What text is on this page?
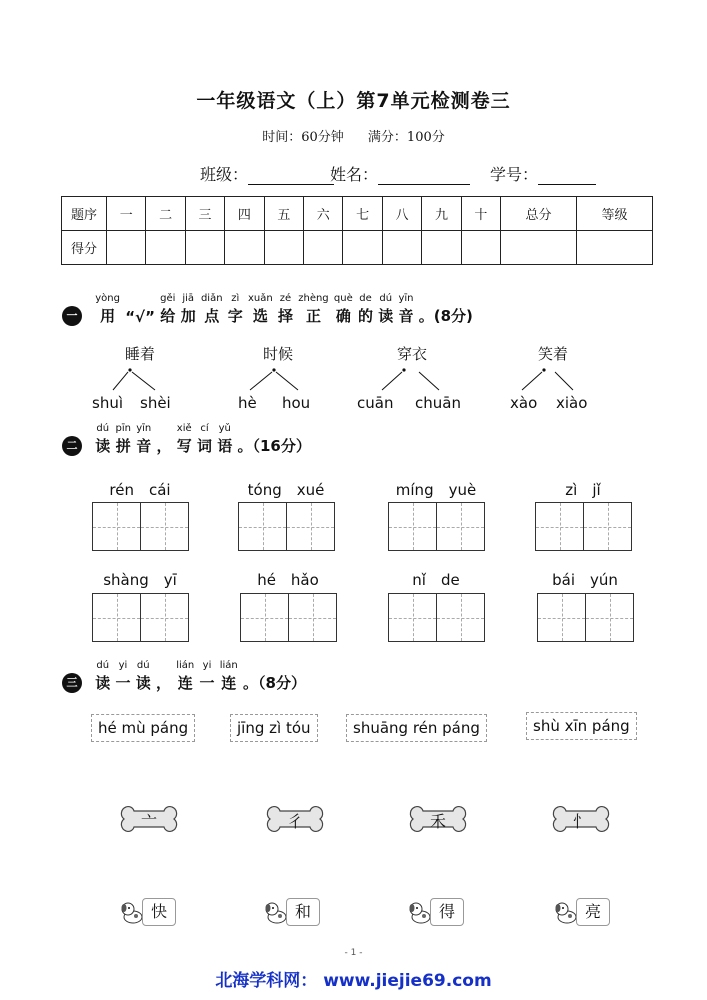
一年级语文（上）第7单元检测卷三
时间：60分钟 满分：100分
班级：	姓名：	学号：
题序	一	二	三	四	五	六	七	八	九	十	总分	等级
得分												
一
yòng
用
“√”

gěi
给

jiā
加

diǎn
点

zì
字

xuǎn
选

zé
择

zhèng
正

què
确

de
的

dú
读

yīn
音
。(8分)
睡着
shuì shèi
时候
hè hou
穿衣
cuān chuān
笑着
xào xiào
二
dú
读

pīn
拼

yīn
音
，

xiě
写

cí
词

yǔ
语
。（16分）
rén　cái	tóng　xué	míng　yuè	zì　jǐ
shàng　yī	hé　hǎo	nǐ　de	bái　yún
三
dú
读

yi
一

dú
读
，

lián
连

yi
一

lián
连
。（8分）
hé mù páng	jīng zì tóu	shuāng rén páng	shù xīn páng
亠	彳	禾	忄
快	和	得	亮
- 1 -
北海学科网： www.jiejie69.com
